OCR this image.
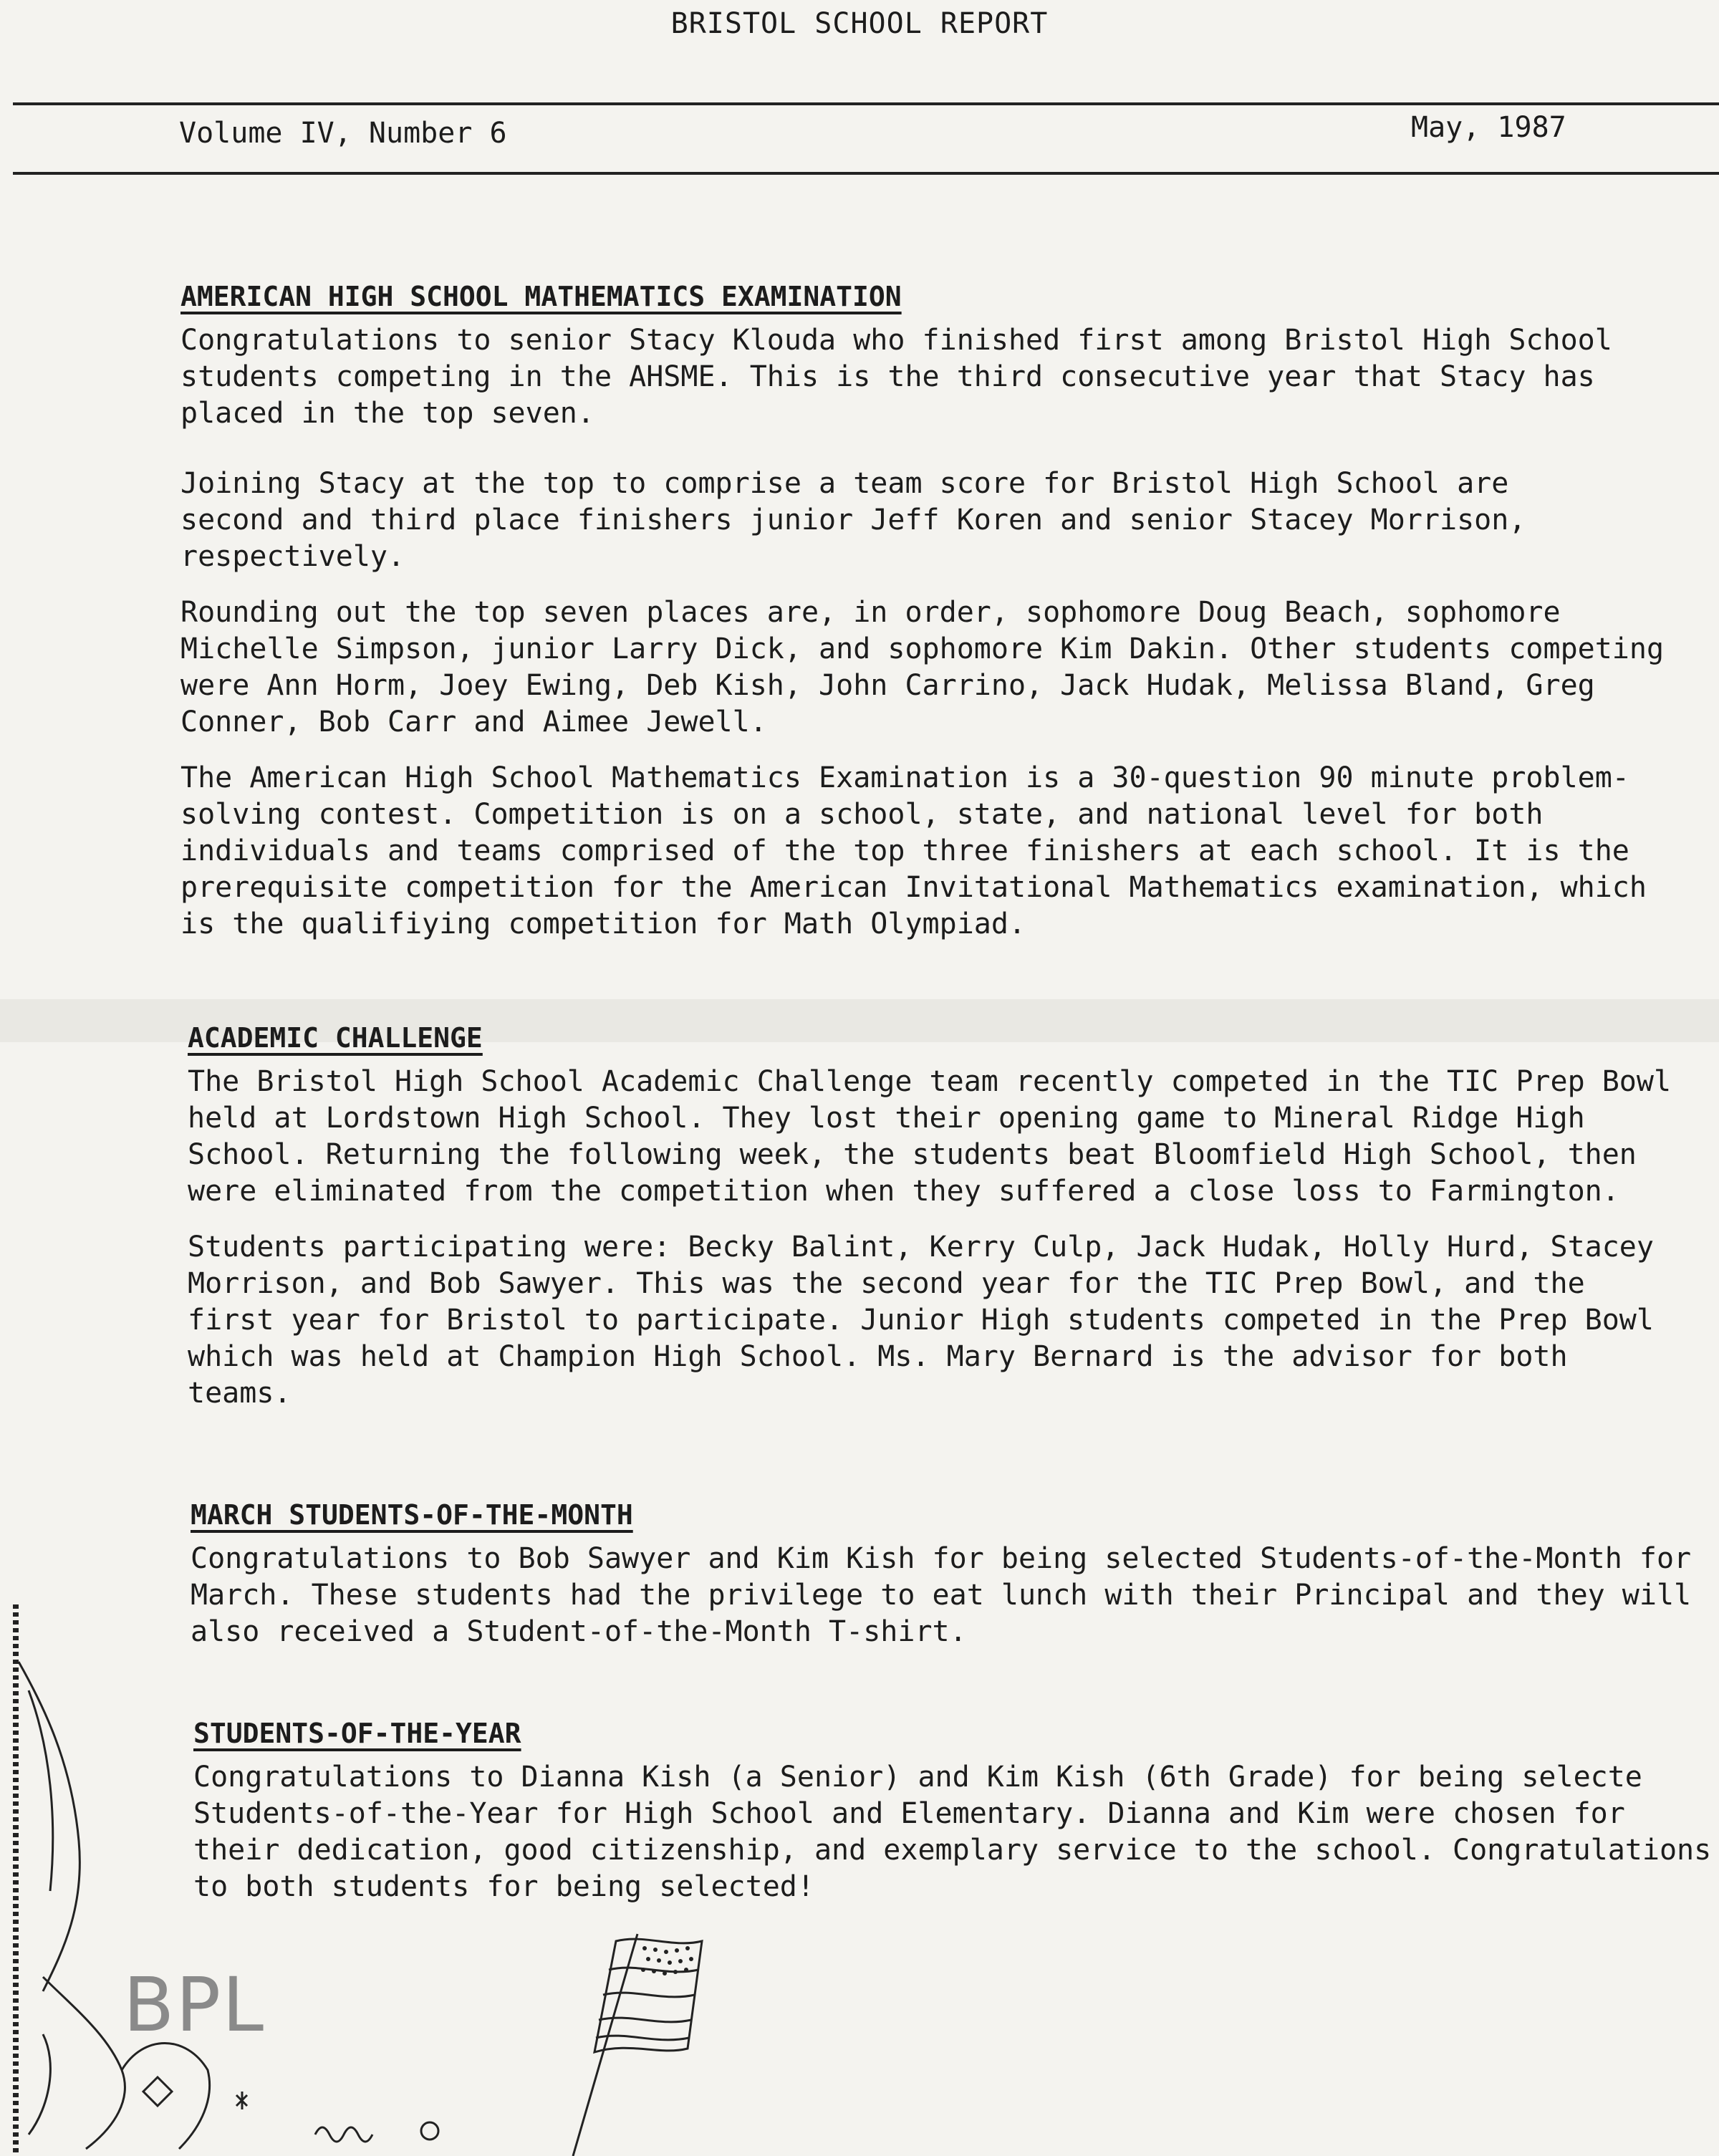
BRISTOL SCHOOL REPORT
Volume IV, Number 6	May, 1987
AMERICAN HIGH SCHOOL MATHEMATICS EXAMINATION

Congratulations to senior Stacy Klouda who finished first among Bristol High School students competing in the AHSME. This is the third consecutive year that Stacy has placed in the top seven.

Joining Stacy at the top to comprise a team score for Bristol High School are second and third place finishers junior Jeff Koren and senior Stacey Morrison, respectively.

Rounding out the top seven places are, in order, sophomore Doug Beach, sophomore Michelle Simpson, junior Larry Dick, and sophomore Kim Dakin. Other students competing were Ann Horm, Joey Ewing, Deb Kish, John Carrino, Jack Hudak, Melissa Bland, Greg Conner, Bob Carr and Aimee Jewell.

The American High School Mathematics Examination is a 30-question 90 minute problem-solving contest. Competition is on a school, state, and national level for both individuals and teams comprised of the top three finishers at each school. It is the prerequisite competition for the American Invitational Mathematics examination, which is the qualifiying competition for Math Olympiad.

ACADEMIC CHALLENGE

The Bristol High School Academic Challenge team recently competed in the TIC Prep Bowl held at Lordstown High School. They lost their opening game to Mineral Ridge High School. Returning the following week, the students beat Bloomfield High School, then were eliminated from the competition when they suffered a close loss to Farmington.

Students participating were: Becky Balint, Kerry Culp, Jack Hudak, Holly Hurd, Stacey Morrison, and Bob Sawyer. This was the second year for the TIC Prep Bowl, and the first year for Bristol to participate. Junior High students competed in the Prep Bowl which was held at Champion High School. Ms. Mary Bernard is the advisor for both teams.

MARCH STUDENTS-OF-THE-MONTH

Congratulations to Bob Sawyer and Kim Kish for being selected Students-of-the-Month for March. These students had the privilege to eat lunch with their Principal and they will also received a Student-of-the-Month T-shirt.

STUDENTS-OF-THE-YEAR

Congratulations to Dianna Kish (a Senior) and Kim Kish (6th Grade) for being selecte Students-of-the-Year for High School and Elementary. Dianna and Kim were chosen for their dedication, good citizenship, and exemplary service to the school. Congratulations to both students for being selected!

BPL
